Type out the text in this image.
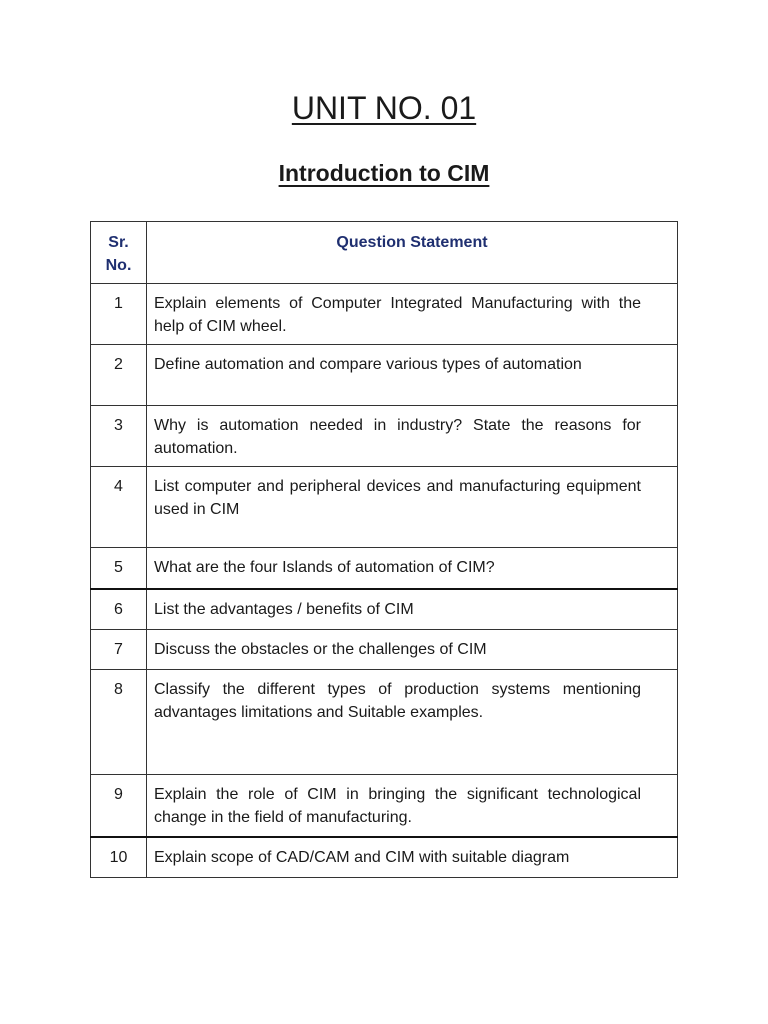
UNIT NO. 01
Introduction to CIM
Sr. No.	Question Statement

1	Explain elements of Computer Integrated Manufacturing with the help of CIM wheel.

2	Define automation and compare various types of automation

3	Why is automation needed in industry? State the reasons for automation.

4	List computer and peripheral devices and manufacturing equipment used in CIM

5	What are the four Islands of automation of CIM?

6	List the advantages / benefits of CIM

7	Discuss the obstacles or the challenges of CIM

8	Classify the different types of production systems mentioning advantages limitations and Suitable examples.

9	Explain the role of CIM in bringing the significant technological change in the field of manufacturing.

10	Explain scope of CAD/CAM and CIM with suitable diagram
